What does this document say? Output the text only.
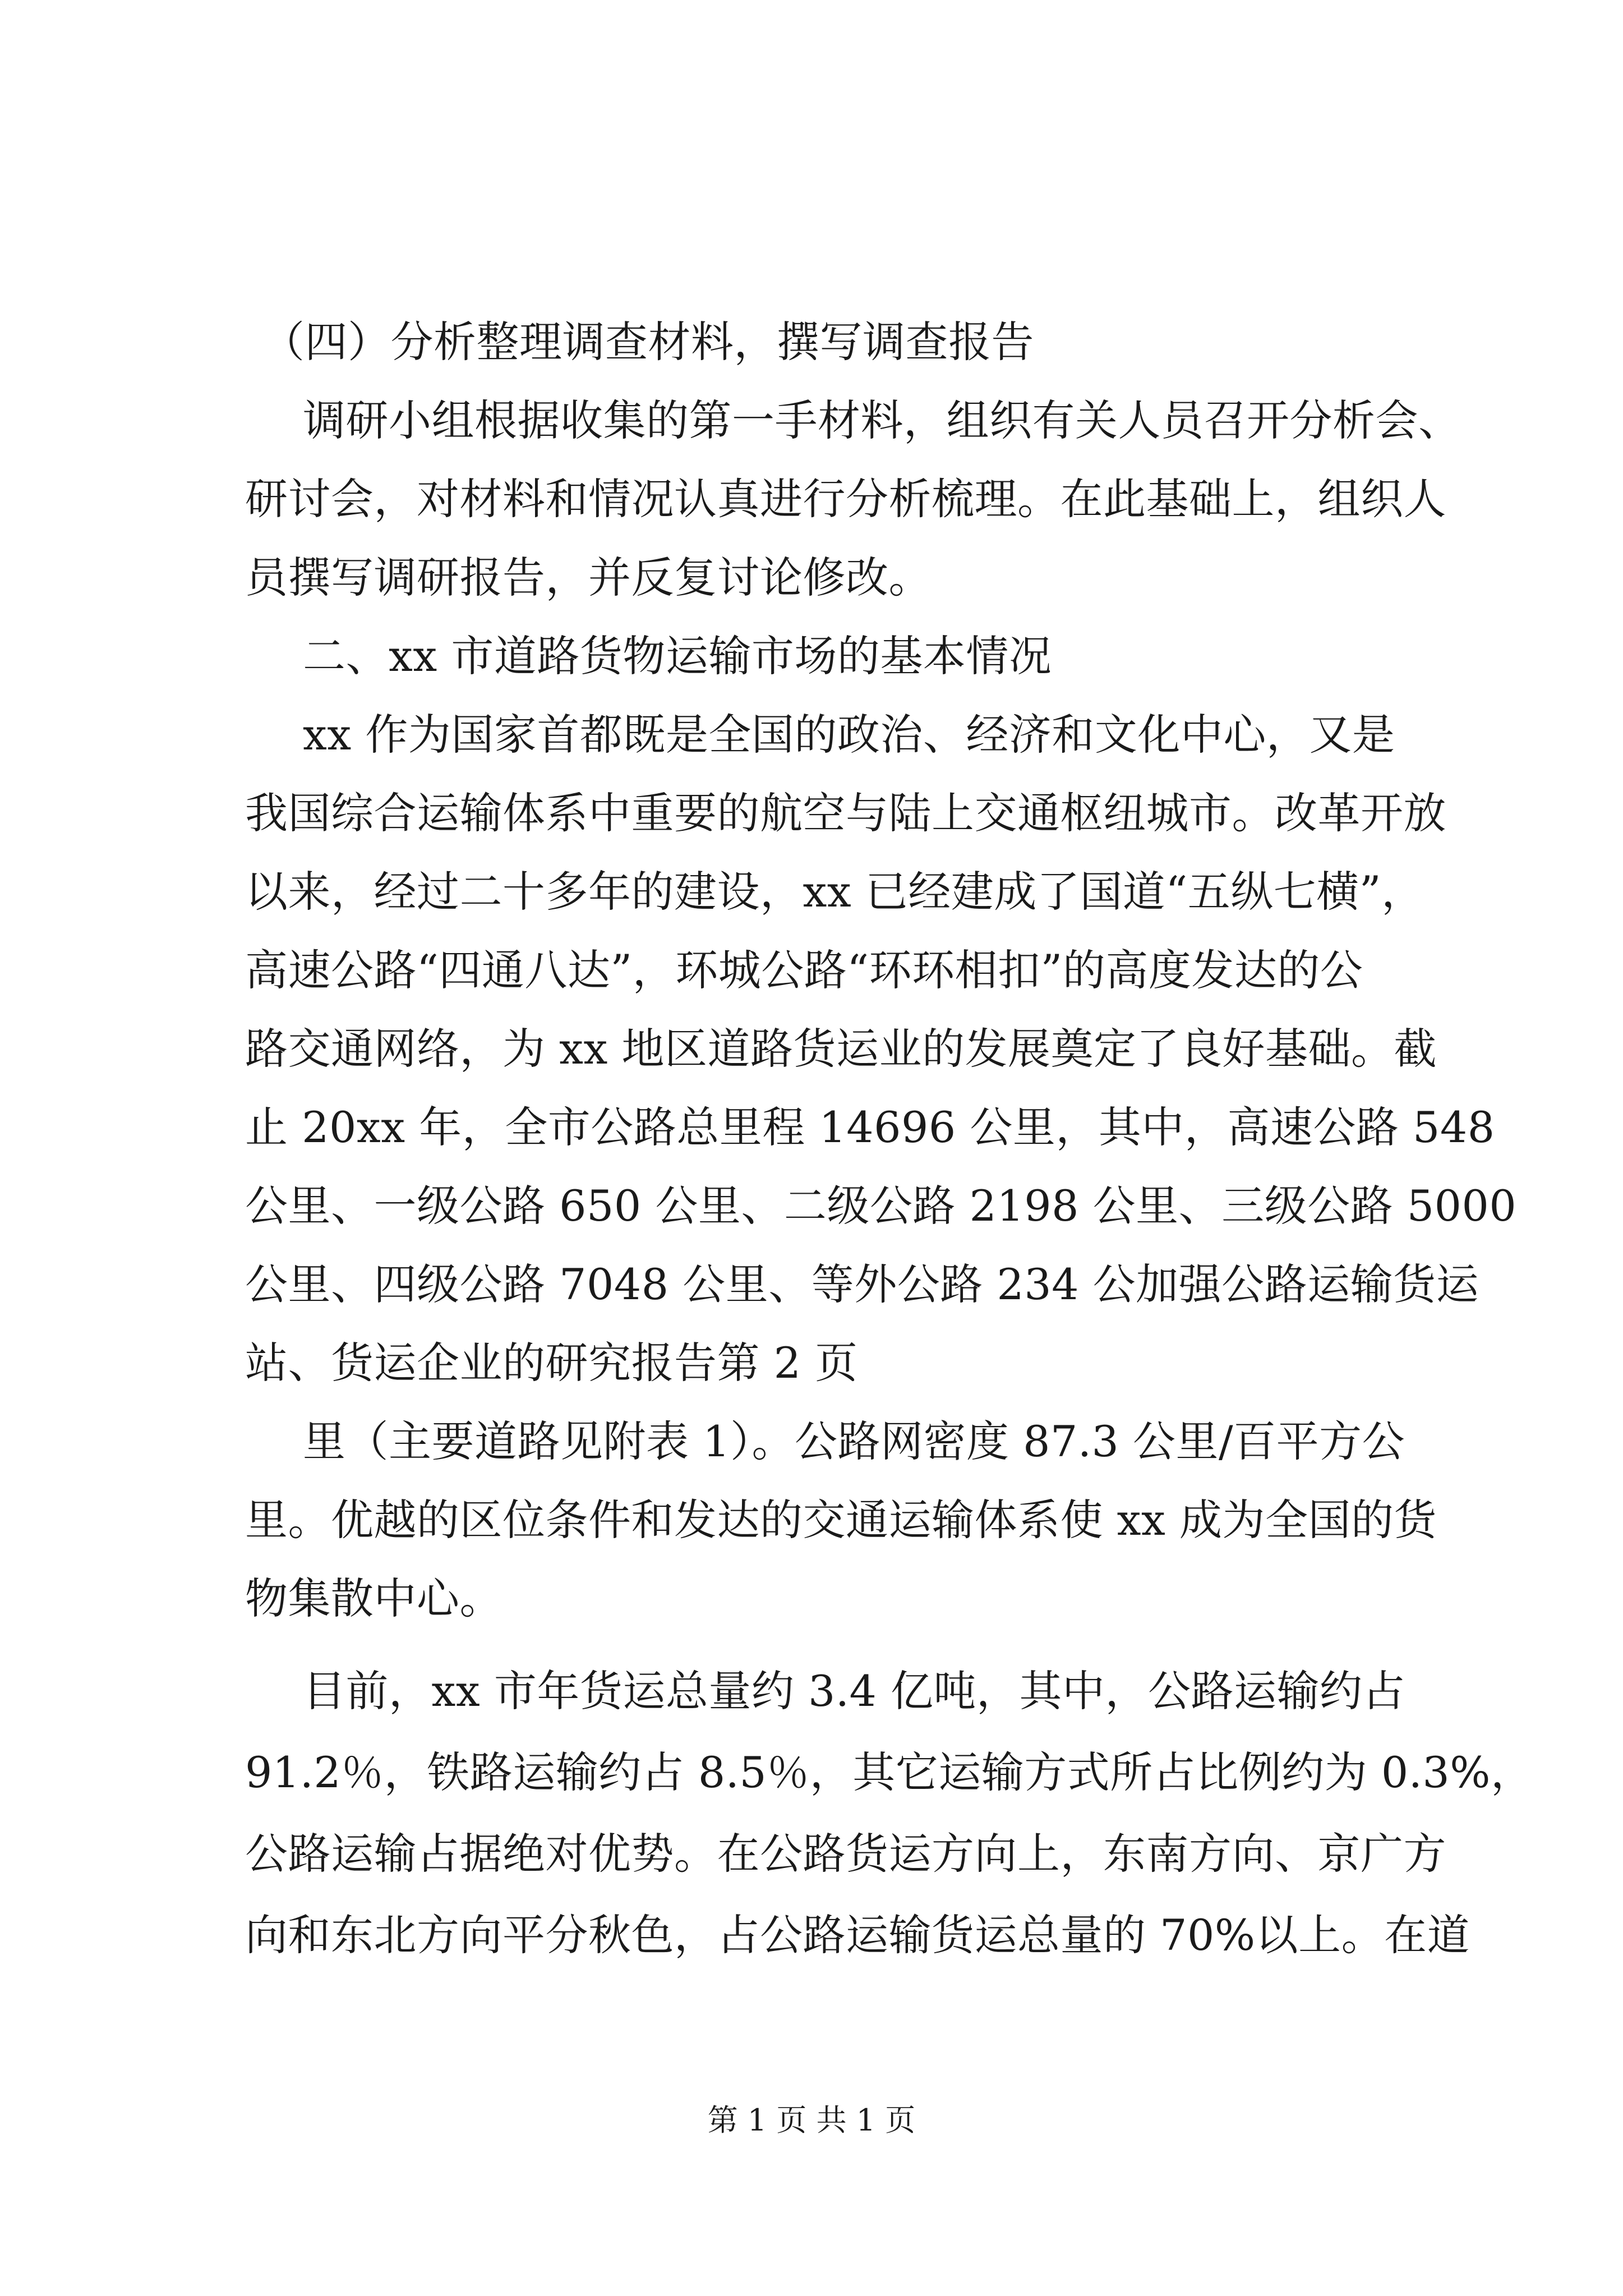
（四）分析整理调查材料，撰写调查报告
调研小组根据收集的第一手材料，组织有关人员召开分析会、
研讨会，对材料和情况认真进行分析梳理。在此基础上，组织人
员撰写调研报告，并反复讨论修改。
二、xx 市道路货物运输市场的基本情况
xx 作为国家首都既是全国的政治、经济和文化中心，又是
我国综合运输体系中重要的航空与陆上交通枢纽城市。改革开放
以来，经过二十多年的建设，xx 已经建成了国道“五纵七横”，
高速公路“四通八达”，环城公路“环环相扣”的高度发达的公
路交通网络，为 xx 地区道路货运业的发展奠定了良好基础。截
止 20xx 年，全市公路总里程 14696 公里，其中，高速公路 548
公里、一级公路 650 公里、二级公路 2198 公里、三级公路 5000
公里、四级公路 7048 公里、等外公路 234 公加强公路运输货运
站、货运企业的研究报告第 2 页
里（主要道路见附表 1）。公路网密度 87.3 公里/百平方公
里。优越的区位条件和发达的交通运输体系使 xx 成为全国的货
物集散中心。
目前，xx 市年货运总量约 3.4 亿吨，其中，公路运输约占
91.2％，铁路运输约占 8.5％，其它运输方式所占比例约为 0.3%，
公路运输占据绝对优势。在公路货运方向上，东南方向、京广方
向和东北方向平分秋色，占公路运输货运总量的 70%以上。在道
第 1 页 共 1 页
